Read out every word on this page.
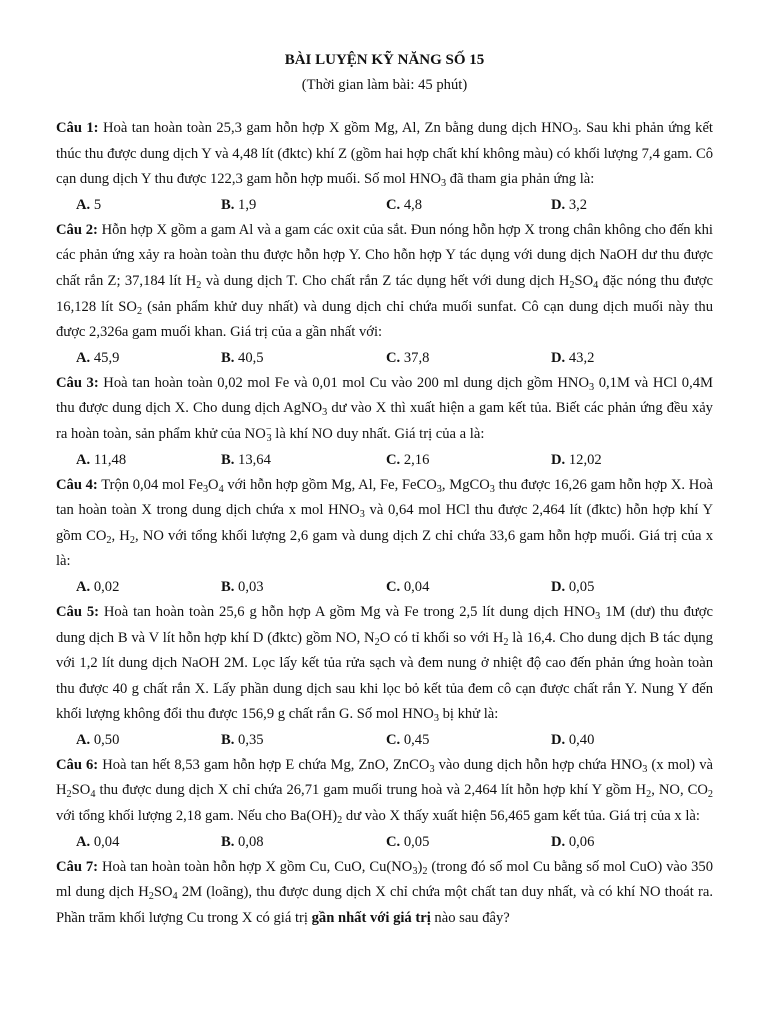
BÀI LUYỆN KỸ NĂNG SỐ 15
(Thời gian làm bài: 45 phút)

Câu 1: Hoà tan hoàn toàn 25,3 gam hỗn hợp X gồm Mg, Al, Zn bằng dung dịch $HNO_3$. Sau khi phản ứng kết thúc thu được dung dịch Y và 4,48 lít (đktc) khí Z (gồm hai hợp chất khí không màu) có khối lượng 7,4 gam. Cô cạn dung dịch Y thu được 122,3 gam hỗn hợp muối. Số mol $HNO_3$ đã tham gia phản ứng là:

A. 5	B. 1,9	C. 4,8	D. 3,2

Câu 2: Hỗn hợp X gồm a gam Al và a gam các oxit của sắt. Đun nóng hỗn hợp X trong chân không cho đến khi các phản ứng xảy ra hoàn toàn thu được hỗn hợp Y. Cho hỗn hợp Y tác dụng với dung dịch NaOH dư thu được chất rắn Z; 37,184 lít $H_2$ và dung dịch T. Cho chất rắn Z tác dụng hết với dung dịch $H_2SO_4$ đặc nóng thu được 16,128 lít $SO_2$ (sản phẩm khử duy nhất) và dung dịch chỉ chứa muối sunfat. Cô cạn dung dịch muối này thu được 2,326a gam muối khan. Giá trị của a gần nhất với:

A. 45,9	B. 40,5	C. 37,8	D. 43,2

Câu 3: Hoà tan hoàn toàn 0,02 mol Fe và 0,01 mol Cu vào 200 ml dung dịch gồm $HNO_3$ 0,1M và HCl 0,4M thu được dung dịch X. Cho dung dịch AgNO$_3$ dư vào X thì xuất hiện a gam kết tủa. Biết các phản ứng đều xảy ra hoàn toàn, sản phẩm khử của $NO^-_3$ là khí NO duy nhất. Giá trị của a là:

A. 11,48	B. 13,64	C. 2,16	D. 12,02

Câu 4: Trộn 0,04 mol $Fe_3O_4$ với hỗn hợp gồm Mg, Al, Fe, FeCO$_3$, MgCO$_3$ thu được 16,26 gam hỗn hợp X. Hoà tan hoàn toàn X trong dung dịch chứa x mol $HNO_3$ và 0,64 mol HCl thu được 2,464 lít (đktc) hỗn hợp khí Y gồm $CO_2$, $H_2$, NO với tổng khối lượng 2,6 gam và dung dịch Z chỉ chứa 33,6 gam hỗn hợp muối. Giá trị của x là:

A. 0,02	B. 0,03	C. 0,04	D. 0,05

Câu 5: Hoà tan hoàn toàn 25,6 g hỗn hợp A gồm Mg và Fe trong 2,5 lít dung dịch $HNO_3$ 1M (dư) thu được dung dịch B và V lít hỗn hợp khí D (đktc) gồm NO, $N_2O$ có tỉ khối so với $H_2$ là 16,4. Cho dung dịch B tác dụng với 1,2 lít dung dịch NaOH 2M. Lọc lấy kết tủa rửa sạch và đem nung ở nhiệt độ cao đến phản ứng hoàn toàn thu được 40 g chất rắn X. Lấy phần dung dịch sau khi lọc bỏ kết tủa đem cô cạn được chất rắn Y. Nung Y đến khối lượng không đổi thu được 156,9 g chất rắn G. Số mol $HNO_3$ bị khử là:

A. 0,50	B. 0,35	C. 0,45	D. 0,40

Câu 6: Hoà tan hết 8,53 gam hỗn hợp E chứa Mg, ZnO, ZnCO$_3$ vào dung dịch hỗn hợp chứa $HNO_3$ (x mol) và $H_2SO_4$ thu được dung dịch X chỉ chứa 26,71 gam muối trung hoà và 2,464 lít hỗn hợp khí Y gồm $H_2$, NO, $CO_2$ với tổng khối lượng 2,18 gam. Nếu cho $Ba(OH)_2$ dư vào X thấy xuất hiện 56,465 gam kết tủa. Giá trị của x là:

A. 0,04	B. 0,08	C. 0,05	D. 0,06

Câu 7: Hoà tan hoàn toàn hỗn hợp X gồm Cu, CuO, $Cu(NO_3)_2$ (trong đó số mol Cu bằng số mol CuO) vào 350 ml dung dịch $H_2SO_4$ 2M (loãng), thu được dung dịch X chỉ chứa một chất tan duy nhất, và có khí NO thoát ra. Phần trăm khối lượng Cu trong X có giá trị gần nhất với giá trị nào sau đây?
